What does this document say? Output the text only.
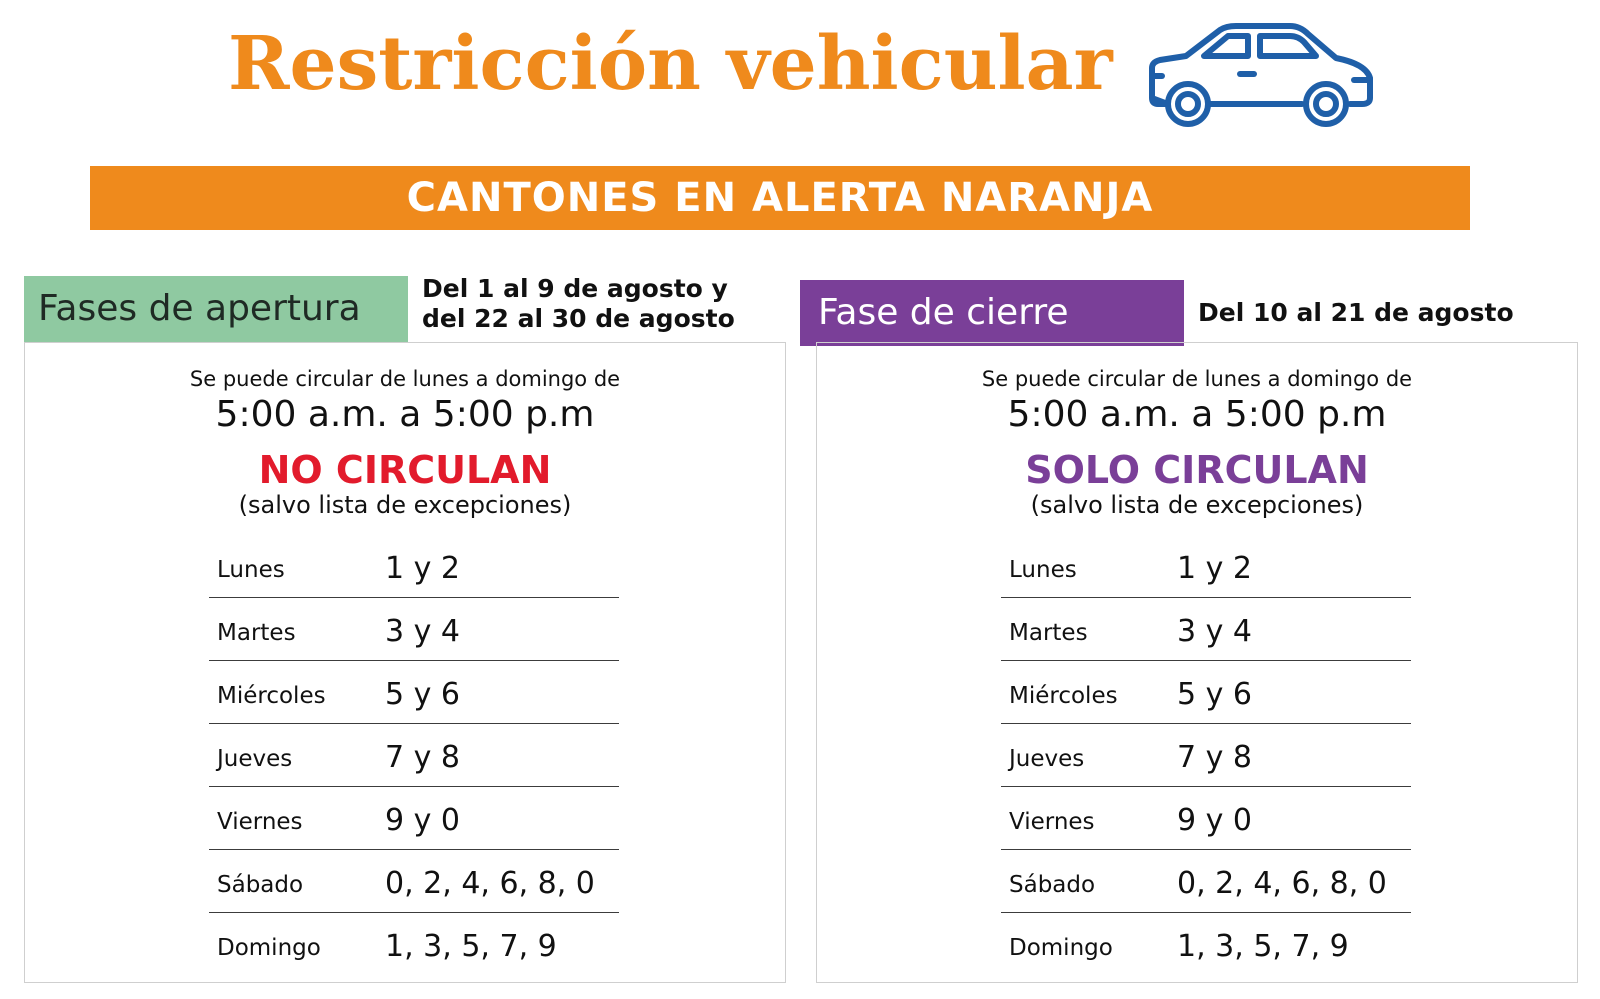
Restricción vehicular
CANTONES EN ALERTA NARANJA
Fases de apertura	Del 1 al 9 de agosto y
del 22 al 30 de agosto
Se puede circular de lunes a domingo de
5:00 a.m. a 5:00 p.m
NO CIRCULAN
(salvo lista de excepciones)
Lunes	1 y 2
Martes	3 y 4
Miércoles 5 y 6
Jueves	7 y 8
Viernes	9 y 0
Sábado	0, 2, 4, 6, 8, 0
Domingo 1, 3, 5, 7, 9
Fase de cierre	Del 10 al 21 de agosto
Se puede circular de lunes a domingo de
5:00 a.m. a 5:00 p.m
SOLO CIRCULAN
(salvo lista de excepciones)
Lunes	1 y 2
Martes	3 y 4
Miércoles 5 y 6
Jueves	7 y 8
Viernes	9 y 0
Sábado	0, 2, 4, 6, 8, 0
Domingo 1, 3, 5, 7, 9
